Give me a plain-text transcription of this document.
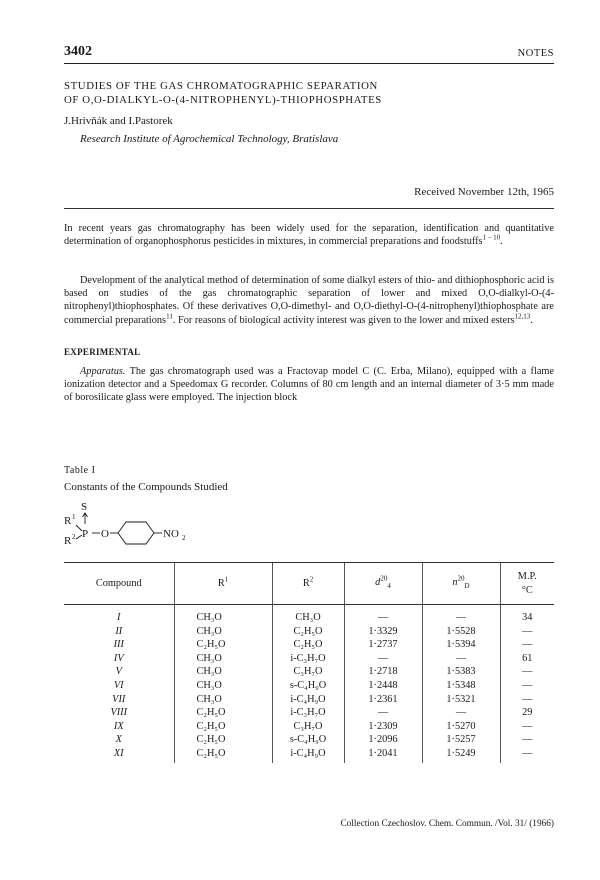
3402	NOTES
STUDIES OF THE GAS CHROMATOGRAPHIC SEPARATION
OF O,O-DIALKYL-O-(4-NITROPHENYL)-THIOPHOSPHATES
J.Hrivňák and I.Pastorek
Research Institute of Agrochemical Technology, Bratislava
Received November 12th, 1965
In recent years gas chromatography has been widely used for the separation, identification and quantitative determination of organophosphorus pesticides in mixtures, in commercial preparations and foodstuffs$^{1 - 10}$.
Development of the analytical method of determination of some dialkyl esters of thio- and dithiophosphoric acid is based on studies of the gas chromatographic separation of lower and mixed O,O-dialkyl-O-(4-nitrophenyl)thiophosphates. Of these derivatives O,O-dimethyl- and O,O-diethyl-O-(4-nitrophenyl)thiophosphate are commercial preparations$^{11}$. For reasons of biological activity interest was given to the lower and mixed esters$^{12,13}$.
EXPERIMENTAL
Apparatus. The gas chromatograph used was a Fractovap model C (C. Erba, Milano), equipped with a flame ionization detector and a Speedomax G recorder. Columns of 80 cm length and an internal diameter of 3·5 mm made of borosilicate glass were employed. The injection block
Table I
Constants of the Compounds Studied
S
R 1
R 2 P O	NO 2
Compound	$R^1$	$R^2$	$d^{20}_4$	$n^{20}_D$	M.P.
°C

I	CH₃O	CH₃O	—	—	34
II	CH₃O	C₂H₅O	1·3329	1·5528	—
III	C₂H₅O	C₂H₅O	1·2737	1·5394	—
IV	CH₃O	i-C₃H₇O	—	—	61
V	CH₃O	C₃H₇O	1·2718	1·5383	—
VI	CH₃O	s-C₄H₉O	1·2448	1·5348	—
VII	CH₃O	i-C₄H₉O	1·2361	1·5321	—
VIII	C₂H₅O	i-C₃H₇O	—	—	29
IX	C₂H₅O	C₃H₇O	1·2309	1·5270	—
X	C₂H₅O	s-C₄H₉O	1·2096	1·5257	—
XI	C₂H₅O	i-C₄H₉O	1·2041	1·5249	—
Collection Czechoslov. Chem. Commun. /Vol. 31/ (1966)
